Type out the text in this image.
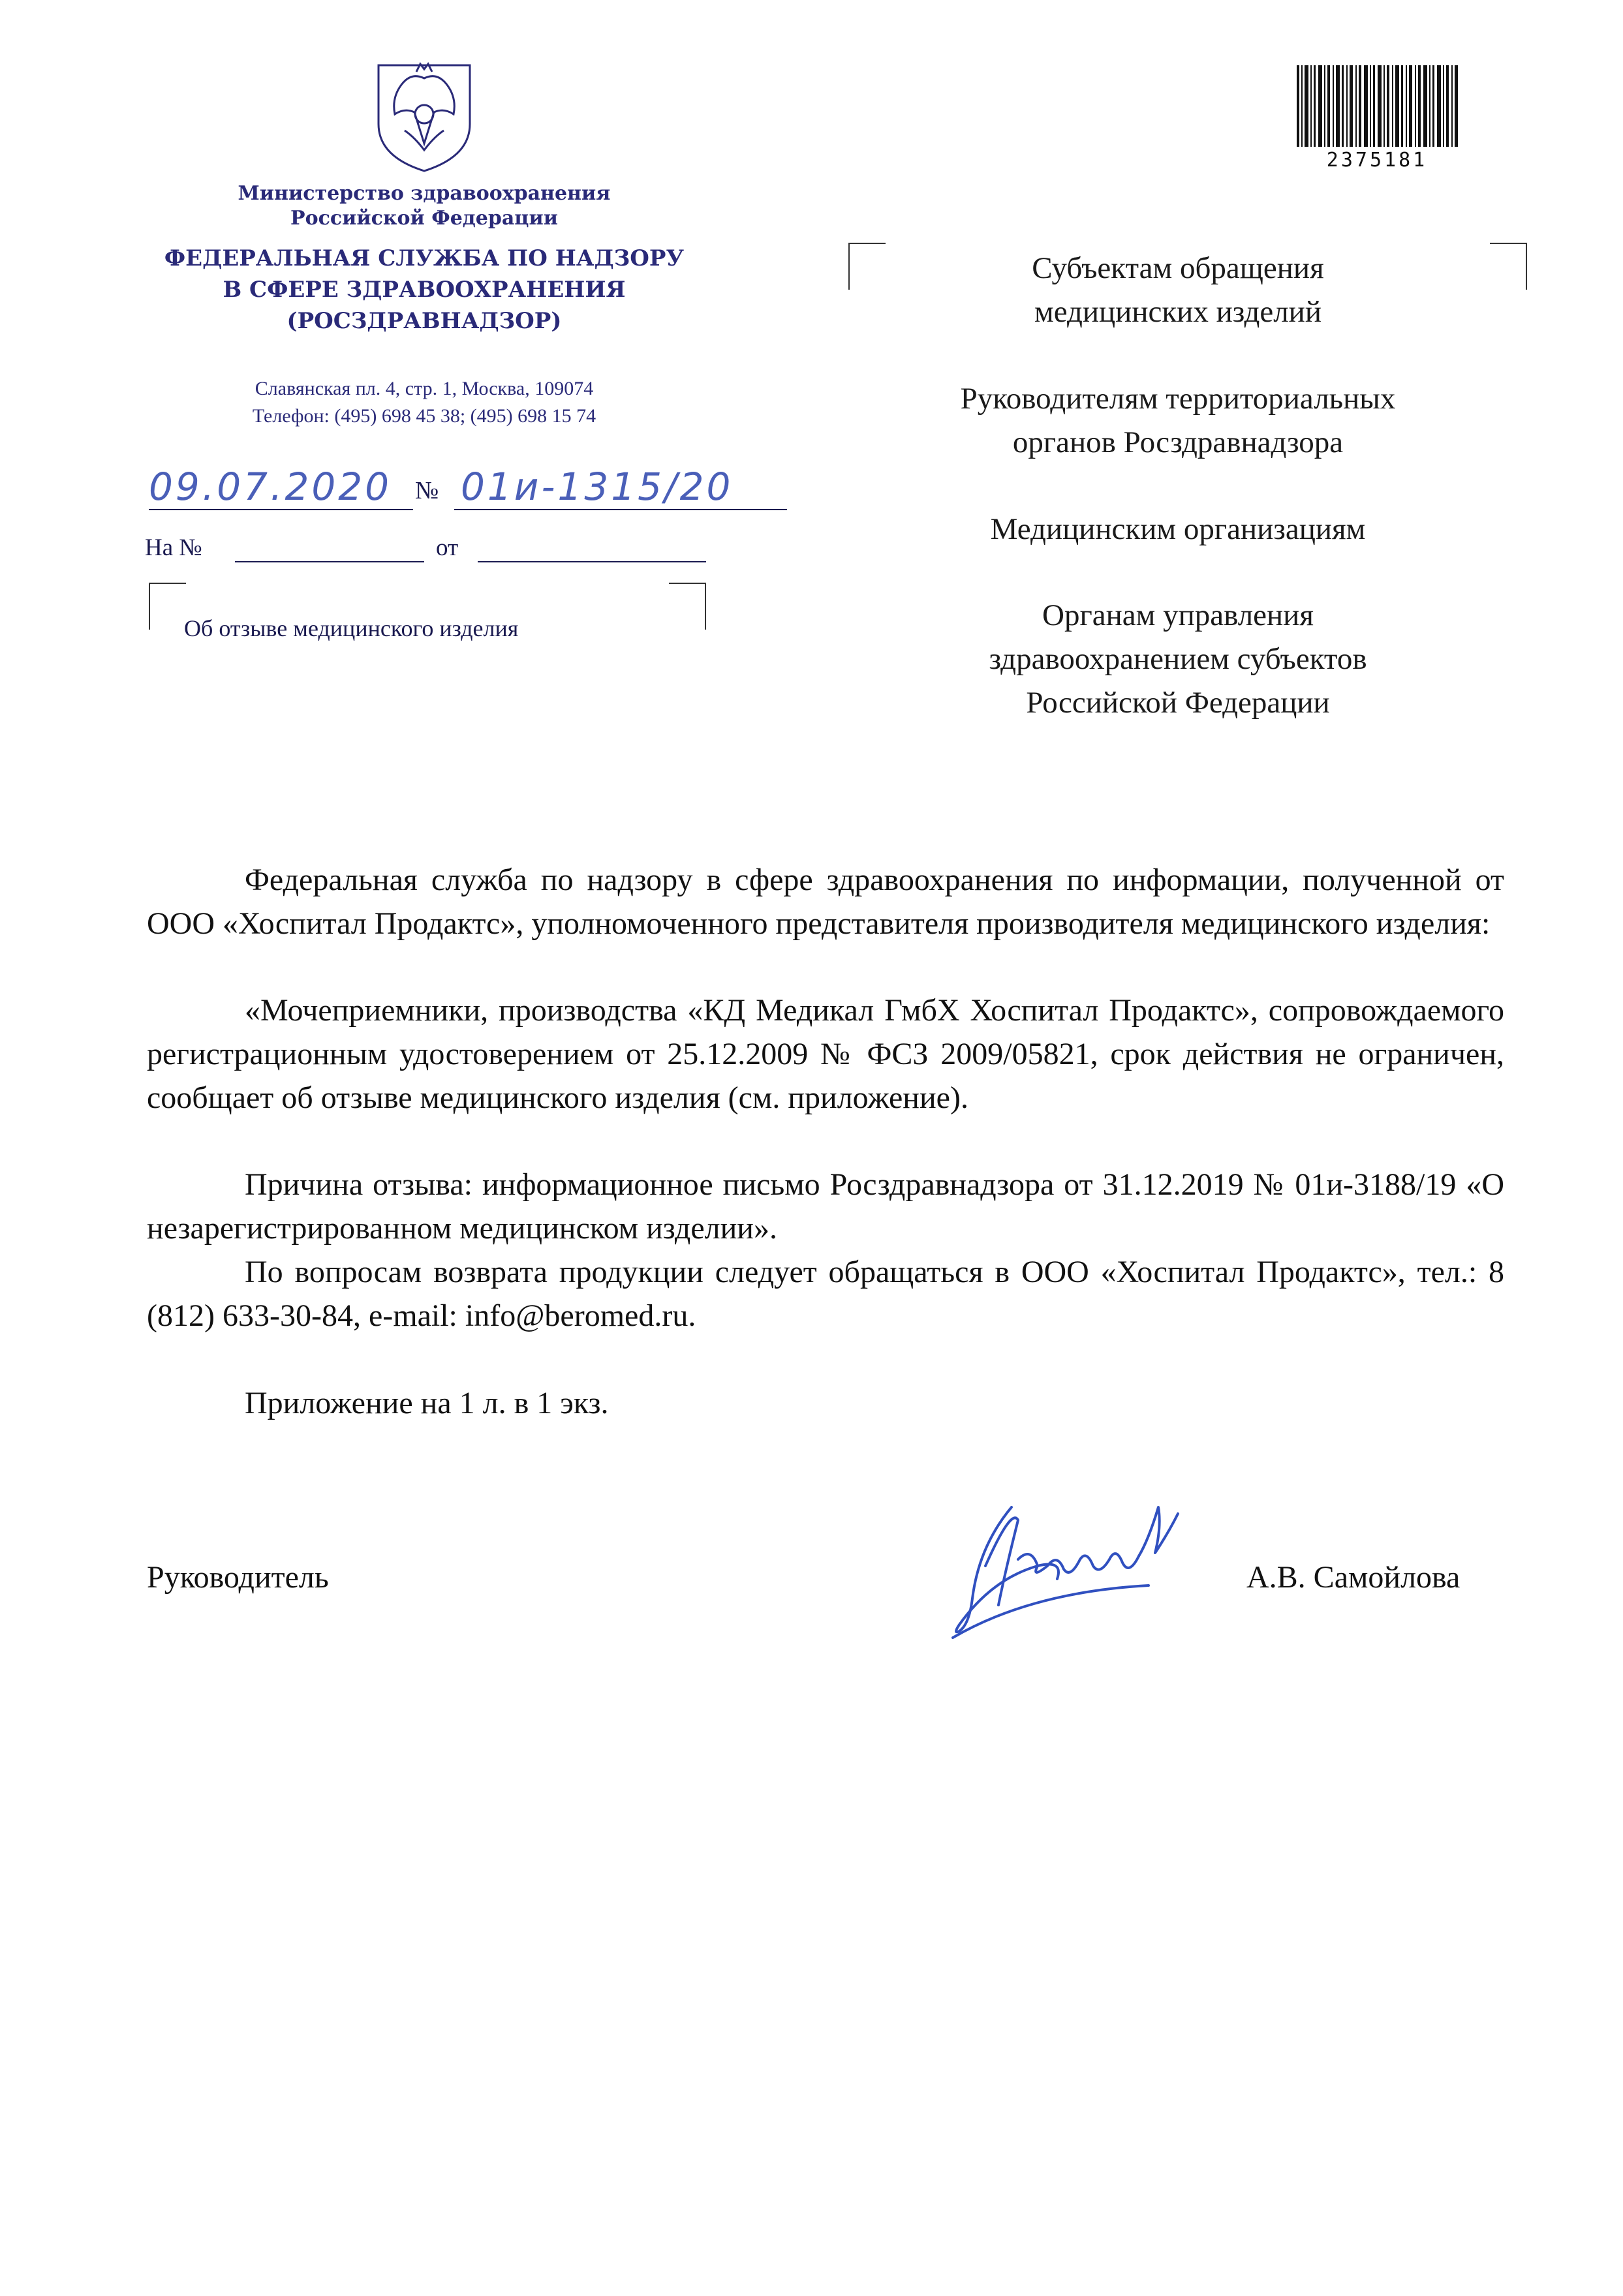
Министерство здравоохранения
Российской Федерации
ФЕДЕРАЛЬНАЯ СЛУЖБА ПО НАДЗОРУ
В СФЕРЕ ЗДРАВООХРАНЕНИЯ
(РОСЗДРАВНАДЗОР)
Славянская пл. 4, стр. 1, Москва, 109074
Телефон: (495) 698 45 38; (495) 698 15 74
09.07.2020 № 01и-1315/20
На №	от
Об отзыве медицинского изделия
2375181
Субъектам обращения
медицинских изделий
Руководителям территориальных
органов Росздравнадзора
Медицинским организациям
Органам управления
здравоохранением субъектов
Российской Федерации

Федеральная служба по надзору в сфере здравоохранения по информации, полученной от ООО «Хоспитал Продактс», уполномоченного представителя производителя медицинского изделия:

«Мочеприемники, производства «КД Медикал ГмбХ Хоспитал Продактс», сопровождаемого регистрационным удостоверением от 25.12.2009 № ФСЗ 2009/05821, срок действия не ограничен, сообщает об отзыве медицинского изделия (см. приложение).

Причина отзыва: информационное письмо Росздравнадзора от 31.12.2019 № 01и-3188/19 «О незарегистрированном медицинском изделии».

По вопросам возврата продукции следует обращаться в ООО «Хоспитал Продактс», тел.: 8 (812) 633-30-84, e-mail: info@beromed.ru.

Приложение на 1 л. в 1 экз.

Руководитель	А.В. Самойлова
